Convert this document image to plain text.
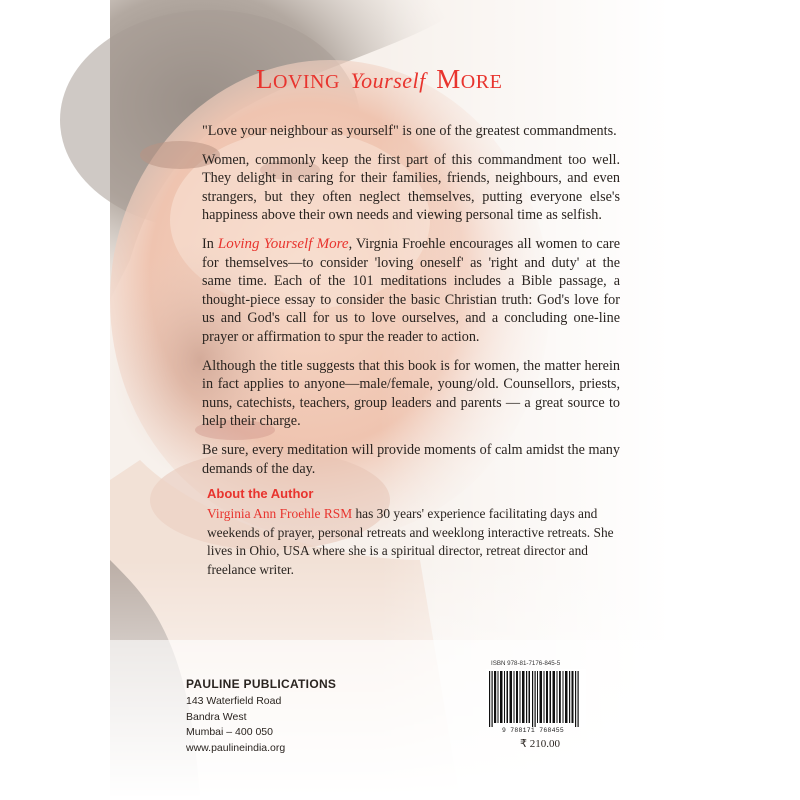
LOVING Yourself MORE

"Love your neighbour as yourself" is one of the greatest commandments.

Women, commonly keep the first part of this commandment too well. They delight in caring for their families, friends, neighbours, and even strangers, but they often neglect themselves, putting everyone else's happiness above their own needs and viewing personal time as selfish.

In Loving Yourself More, Virgnia Froehle encourages all women to care for themselves—to consider 'loving oneself' as 'right and duty' at the same time. Each of the 101 meditations includes a Bible passage, a thought-piece essay to consider the basic Christian truth: God's love for us and God's call for us to love ourselves, and a concluding one-line prayer or affirmation to spur the reader to action.

Although the title suggests that this book is for women, the matter herein in fact applies to anyone—male/female, young/old. Counsellors, priests, nuns, catechists, teachers, group leaders and parents — a great source to help their charge.

Be sure, every meditation will provide moments of calm amidst the many demands of the day.

About the Author
Virginia Ann Froehle RSM has 30 years' experience facilitating days and weekends of prayer, personal retreats and weeklong interactive retreats. She lives in Ohio, USA where she is a spiritual director, retreat director and freelance writer.
PAULINE PUBLICATIONS
143 Waterfield Road
Bandra West
Mumbai – 400 050
www.paulineindia.org
ISBN 978-81-7176-845-5
9 788171 768455
₹ 210.00
